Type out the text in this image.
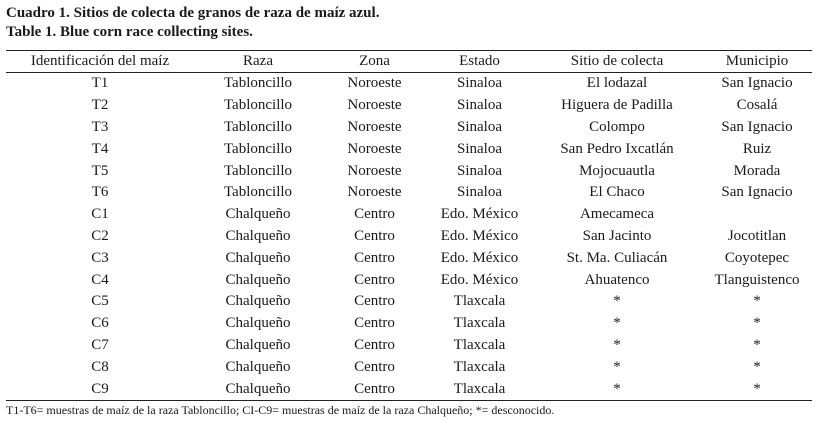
Cuadro 1. Sitios de colecta de granos de raza de maíz azul.
Table 1. Blue corn race collecting sites.
Identificación del maíz	Raza	Zona	Estado	Sitio de colecta	Municipio
T1	Tabloncillo	Noroeste	Sinaloa	El lodazal	San Ignacio
T2	Tabloncillo	Noroeste	Sinaloa	Higuera de Padilla	Cosalá
T3	Tabloncillo	Noroeste	Sinaloa	Colompo	San Ignacio
T4	Tabloncillo	Noroeste	Sinaloa	San Pedro Ixcatlán	Ruiz
T5	Tabloncillo	Noroeste	Sinaloa	Mojocuautla	Morada
T6	Tabloncillo	Noroeste	Sinaloa	El Chaco	San Ignacio
C1	Chalqueño	Centro	Edo. México	Amecameca	
C2	Chalqueño	Centro	Edo. México	San Jacinto	Jocotitlan
C3	Chalqueño	Centro	Edo. México	St. Ma. Culiacán	Coyotepec
C4	Chalqueño	Centro	Edo. México	Ahuatenco	Tlanguistenco
C5	Chalqueño	Centro	Tlaxcala	*	*
C6	Chalqueño	Centro	Tlaxcala	*	*
C7	Chalqueño	Centro	Tlaxcala	*	*
C8	Chalqueño	Centro	Tlaxcala	*	*
C9	Chalqueño	Centro	Tlaxcala	*	*
T1-T6= muestras de maíz de la raza Tabloncillo; CI-C9= muestras de maíz de la raza Chalqueño; *= desconocido.
